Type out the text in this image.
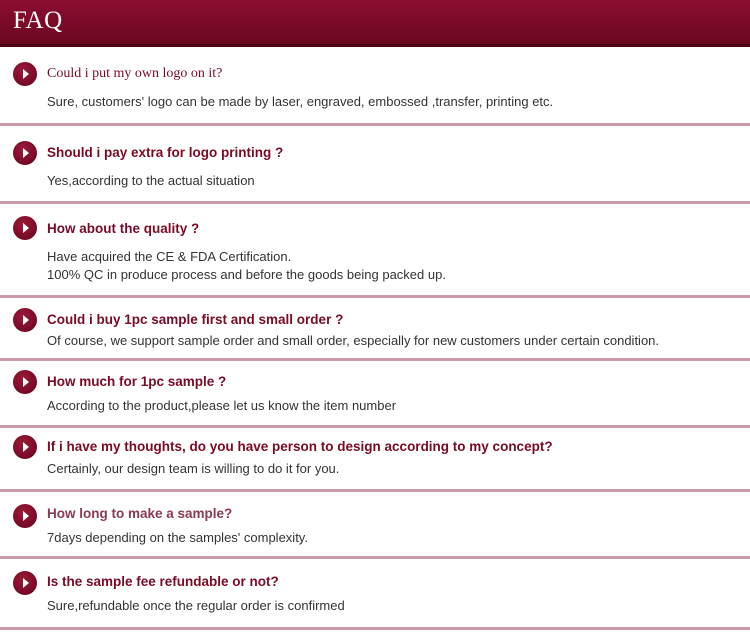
FAQ
Could i put my own logo on it?
Sure, customers' logo can be made by laser, engraved, embossed ,transfer, printing etc.
Should i pay extra for logo printing ?
Yes,according to the actual situation
How about the quality ?
Have acquired the CE & FDA Certification.
100% QC in produce process and before the goods being packed up.
Could i buy 1pc sample first and small order ?
Of course, we support sample order and small order, especially for new customers under certain condition.
How much for 1pc sample ?
According to the product,please let us know the item number
If i have my thoughts, do you have person to design according to my concept?
Certainly, our design team is willing to do it for you.
How long to make a sample?
7days depending on the samples' complexity.
Is the sample fee refundable or not?
Sure,refundable once the regular order is confirmed
